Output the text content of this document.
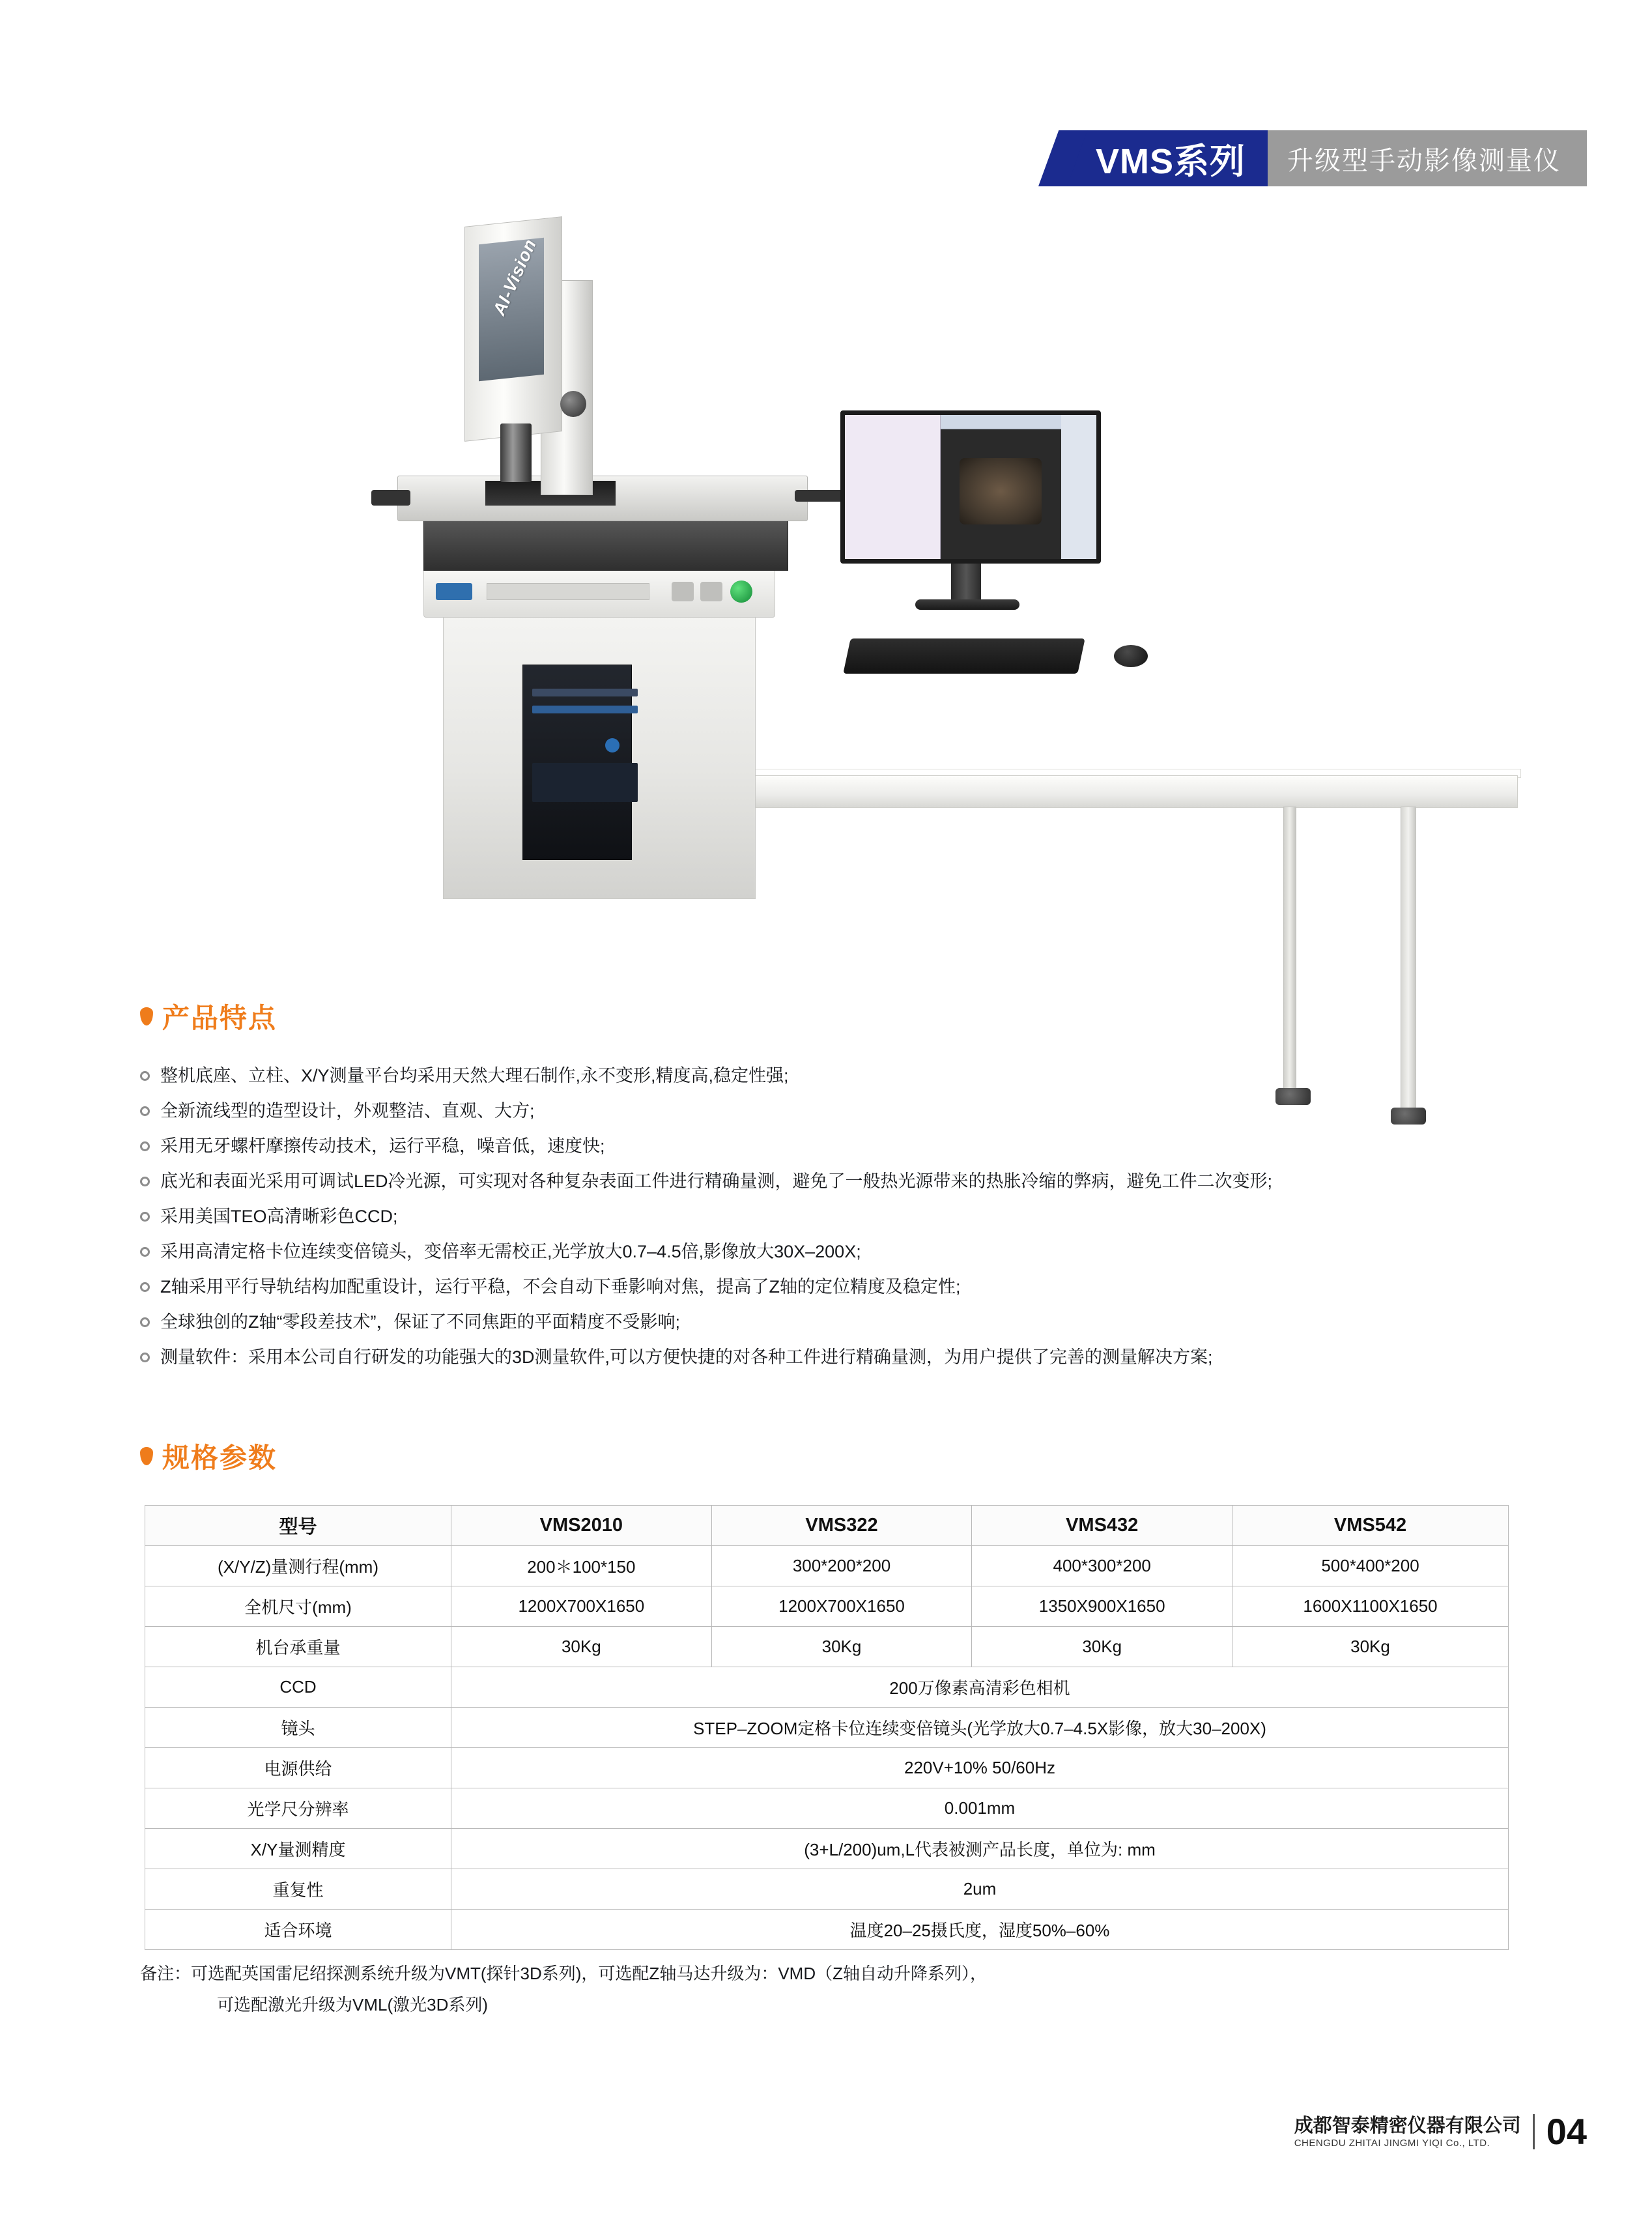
VMS系列	升级型手动影像测量仪
AI-Vision
产品特点
整机底座、立柱、X/Y测量平台均采用天然大理石制作,永不变形,精度高,稳定性强;
全新流线型的造型设计，外观整洁、直观、大方;
采用无牙螺杆摩擦传动技术，运行平稳，噪音低，速度快;
底光和表面光采用可调试LED冷光源，可实现对各种复杂表面工件进行精确量测，避免了一般热光源带来的热胀冷缩的弊病，避免工件二次变形;
采用美国TEO高清晰彩色CCD;
采用高清定格卡位连续变倍镜头，变倍率无需校正,光学放大0.7–4.5倍,影像放大30X–200X;
Z轴采用平行导轨结构加配重设计，运行平稳，不会自动下垂影响对焦，提高了Z轴的定位精度及稳定性;
全球独创的Z轴“零段差技术”，保证了不同焦距的平面精度不受影响;
测量软件：采用本公司自行研发的功能强大的3D测量软件,可以方便快捷的对各种工件进行精确量测，为用户提供了完善的测量解决方案;
规格参数
型号	VMS2010	VMS322	VMS432	VMS542
(X/Y/Z)量测行程(mm)	200＊100*150	300*200*200	400*300*200	500*400*200
全机尺寸(mm)	1200X700X1650	1200X700X1650	1350X900X1650	1600X1100X1650
机台承重量	30Kg	30Kg	30Kg	30Kg
CCD	200万像素高清彩色相机			
镜头	STEP–ZOOM定格卡位连续变倍镜头(光学放大0.7–4.5X影像，放大30–200X)			
电源供给	220V+10% 50/60Hz			
光学尺分辨率	0.001mm			
X/Y量测精度	(3+L/200)um,L代表被测产品长度，单位为: mm			
重复性	2um			
适合环境	温度20–25摄氏度，湿度50%–60%			
备注：可选配英国雷尼绍探测系统升级为VMT(探针3D系列)，可选配Z轴马达升级为：VMD（Z轴自动升降系列），
可选配激光升级为VML(激光3D系列)
成都智泰精密仪器有限公司
CHENGDU ZHITAI JINGMI YIQI Co., LTD.	04
